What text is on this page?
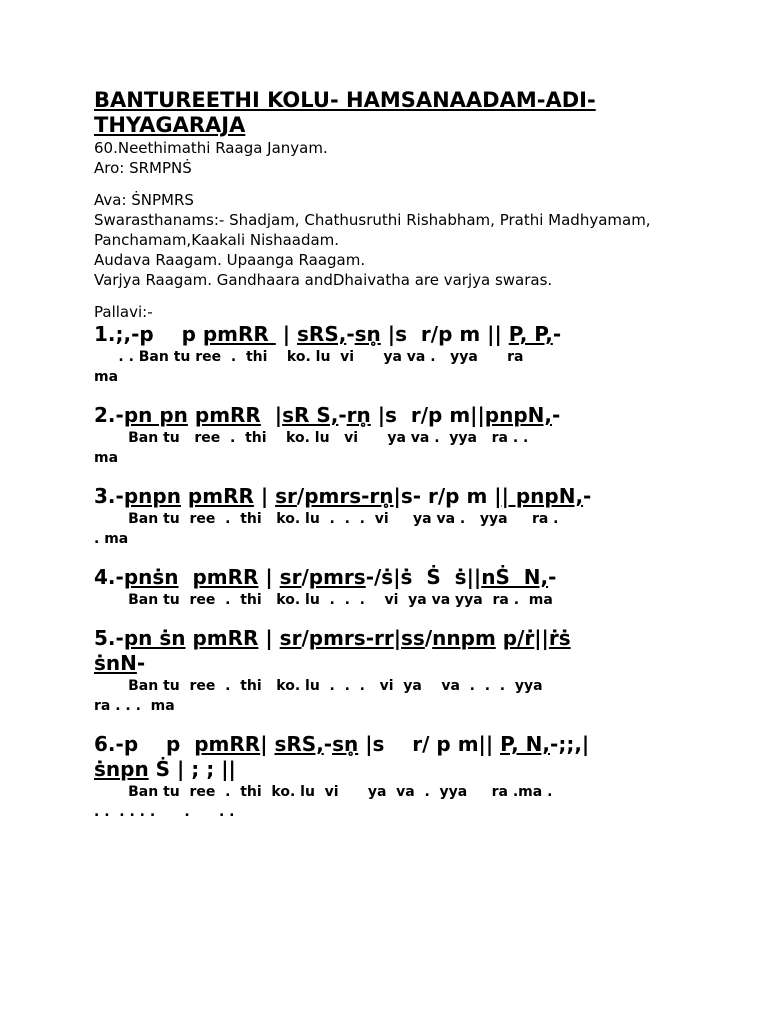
BANTUREETHI KOLU- HAMSANAADAM-ADI-THYAGARAJA

60.Neethimathi Raaga Janyam.

Aro: SRMPNṠ

Ava: ṠNPMRS

Swarasthanams:- Shadjam, Chathusruthi Rishabham, Prathi Madhyamam, Panchamam,Kaakali Nishaadam.

Audava Raagam. Upaanga Raagam.

Varjya Raagam. Gandhaara andDhaivatha are varjya swaras.

Pallavi:-

1.;,-p    p pmRR  | sRS,-sn̥ |s  r/p m || P, P,-

. . Ban tu ree  .  thi    ko. lu  vi      ya va .   yya      ra
ma

2.-pn pn pmRR  |sR S,-rn̥ |s  r/p m||pnpN,-

Ban tu   ree  .  thi    ko. lu   vi      ya va .  yya   ra . .
ma

3.-pnpn pmRR | sr/pmrs-rn̥|s- r/p m || pnpN,-

Ban tu  ree  .  thi   ko. lu  .  .  .  vi     ya va .   yya     ra .
. ma

4.-pnṡn pmRR | sr/pmrs-/ṡ|ṡ  Ṡ  ṡ||nṠ  N,-

Ban tu  ree  .  thi   ko. lu  .  .  .    vi  ya va yya  ra .  ma

5.-pn ṡn pmRR | sr/pmrs-rr|ss/nnpm p/ṙ||ṙṡ
ṡnN-

Ban tu  ree  .  thi   ko. lu  .  .  .   vi  ya    va  .  .  .  yya
ra . . .  ma

6.-p    p  pmRR| sRS,-sn̥ |s    r/ p m|| P, N,-;;,|
ṡnpn Ṡ | ; ; ||

Ban tu  ree  .  thi  ko. lu  vi      ya  va  .  yya     ra .ma .
. .  . . . .      .      . .
